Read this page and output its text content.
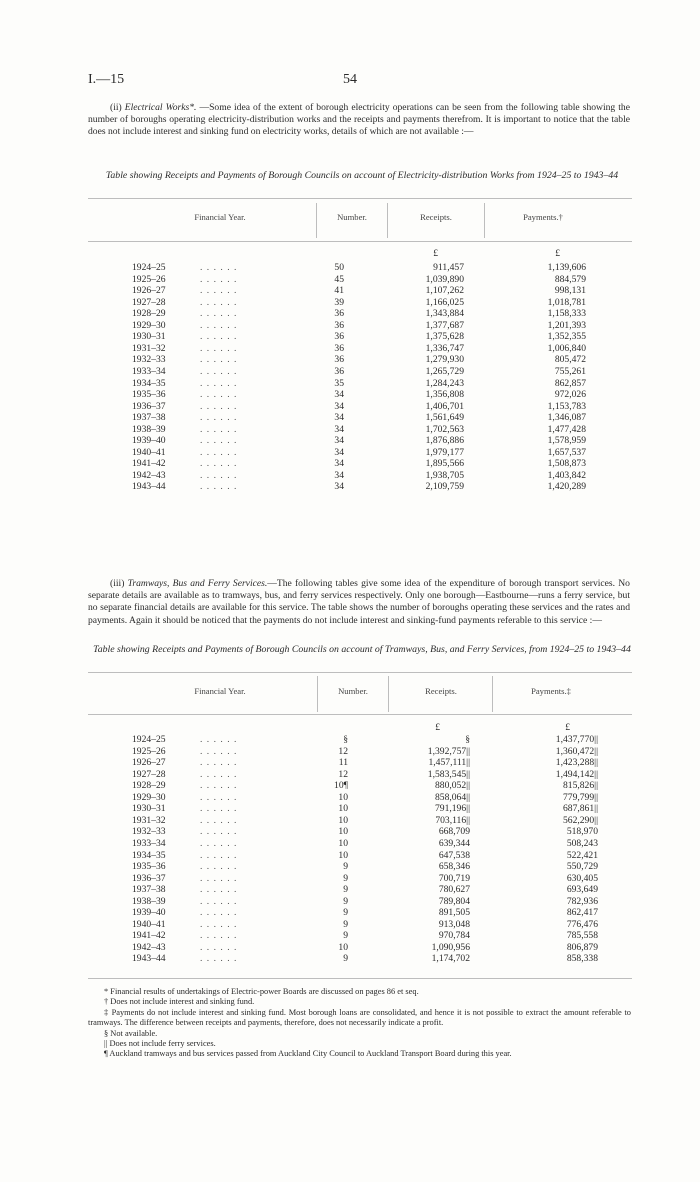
I.—15	54
(ii) Electrical Works*. —Some idea of the extent of borough electricity operations can be seen from the following table showing the number of boroughs operating electricity-distribution works and the receipts and payments therefrom. It is important to notice that the table does not include interest and sinking fund on electricity works, details of which are not available :—
Table showing Receipts and Payments of Borough Councils on account of Electricity-distribution Works from 1924–25 to 1943–44
Financial Year.	Number.	Receipts.	Payments.†
£	£
1924–25	. . . . . .	50	911,457	1,139,606
1925–26	. . . . . .	45	1,039,890	884,579
1926–27	. . . . . .	41	1,107,262	998,131
1927–28	. . . . . .	39	1,166,025	1,018,781
1928–29	. . . . . .	36	1,343,884	1,158,333
1929–30	. . . . . .	36	1,377,687	1,201,393
1930–31	. . . . . .	36	1,375,628	1,352,355
1931–32	. . . . . .	36	1,336,747	1,006,840
1932–33	. . . . . .	36	1,279,930	805,472
1933–34	. . . . . .	36	1,265,729	755,261
1934–35	. . . . . .	35	1,284,243	862,857
1935–36	. . . . . .	34	1,356,808	972,026
1936–37	. . . . . .	34	1,406,701	1,153,783
1937–38	. . . . . .	34	1,561,649	1,346,087
1938–39	. . . . . .	34	1,702,563	1,477,428
1939–40	. . . . . .	34	1,876,886	1,578,959
1940–41	. . . . . .	34	1,979,177	1,657,537
1941–42	. . . . . .	34	1,895,566	1,508,873
1942–43	. . . . . .	34	1,938,705	1,403,842
1943–44	. . . . . .	34	2,109,759	1,420,289
(iii) Tramways, Bus and Ferry Services.—The following tables give some idea of the expenditure of borough transport services. No separate details are available as to tramways, bus, and ferry services respectively. Only one borough—Eastbourne—runs a ferry service, but no separate financial details are available for this service. The table shows the number of boroughs operating these services and the rates and payments. Again it should be noticed that the payments do not include interest and sinking-fund payments referable to this service :—
Table showing Receipts and Payments of Borough Councils on account of Tramways, Bus, and Ferry Services, from 1924–25 to 1943–44
Financial Year.	Number.	Receipts.	Payments.‡
£	£
1924–25	. . . . . .	§	§	1,437,770||
1925–26	. . . . . .	12	1,392,757||	1,360,472||
1926–27	. . . . . .	11	1,457,111||	1,423,288||
1927–28	. . . . . .	12	1,583,545||	1,494,142||
1928–29	. . . . . .	10¶	880,052||	815,826||
1929–30	. . . . . .	10	858,064||	779,799||
1930–31	. . . . . .	10	791,196||	687,861||
1931–32	. . . . . .	10	703,116||	562,290||
1932–33	. . . . . .	10	668,709	518,970
1933–34	. . . . . .	10	639,344	508,243
1934–35	. . . . . .	10	647,538	522,421
1935–36	. . . . . .	9	658,346	550,729
1936–37	. . . . . .	9	700,719	630,405
1937–38	. . . . . .	9	780,627	693,649
1938–39	. . . . . .	9	789,804	782,936
1939–40	. . . . . .	9	891,505	862,417
1940–41	. . . . . .	9	913,048	776,476
1941–42	. . . . . .	9	970,784	785,558
1942–43	. . . . . .	10	1,090,956	806,879
1943–44	. . . . . .	9	1,174,702	858,338
* Financial results of undertakings of Electric-power Boards are discussed on pages 86 et seq.
† Does not include interest and sinking fund.
‡ Payments do not include interest and sinking fund. Most borough loans are consolidated, and hence it is not possible to extract the amount referable to tramways. The difference between receipts and payments, therefore, does not necessarily indicate a profit.
§ Not available.
|| Does not include ferry services.
¶ Auckland tramways and bus services passed from Auckland City Council to Auckland Transport Board during this year.
